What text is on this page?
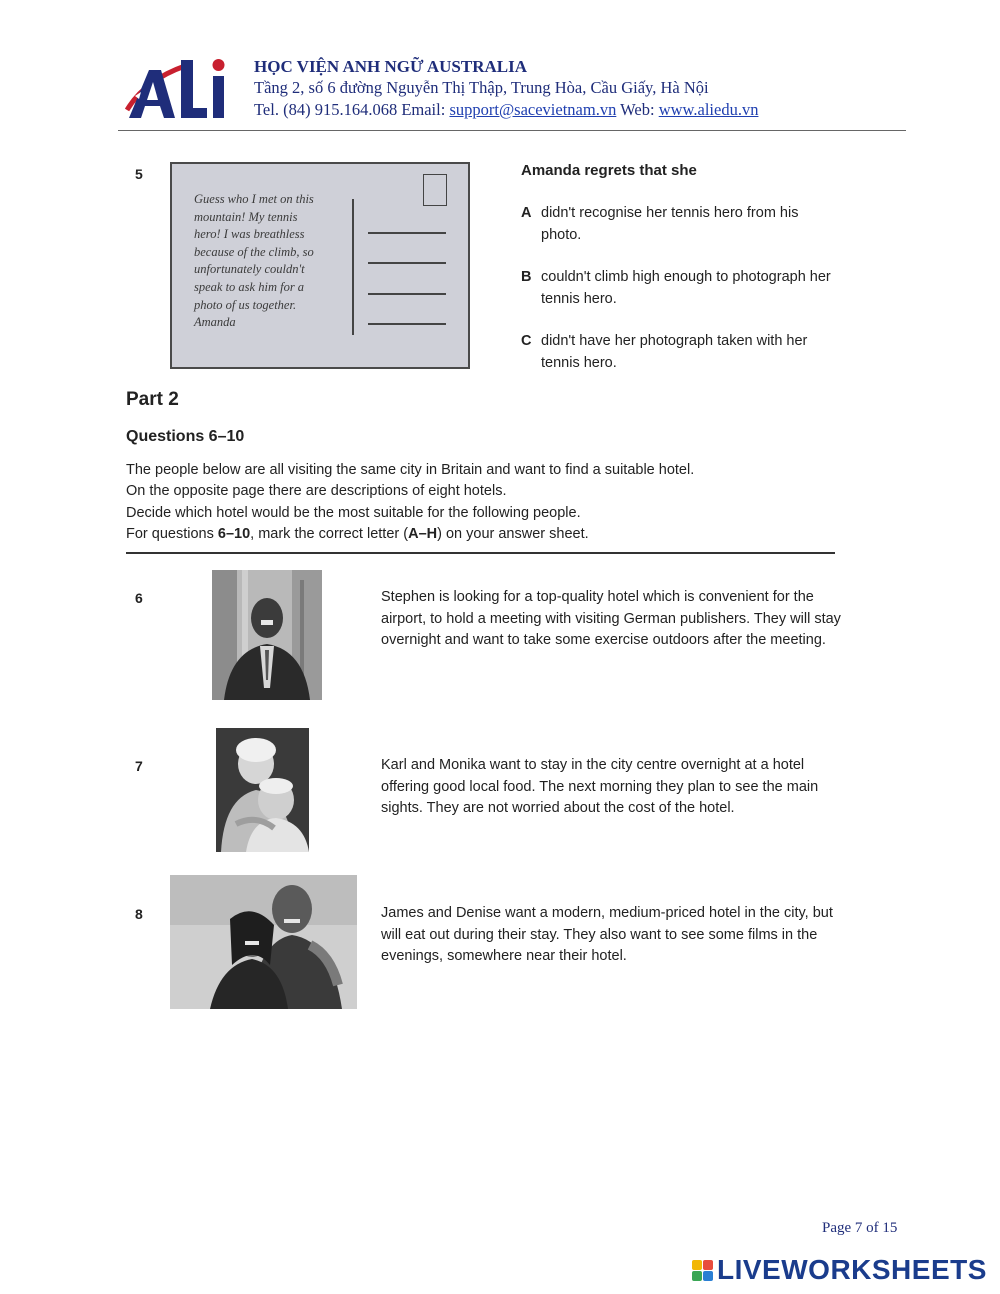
HỌC VIỆN ANH NGỮ AUSTRALIA
Tầng 2, số 6 đường Nguyễn Thị Thập, Trung Hòa, Cầu Giấy, Hà Nội
Tel. (84) 915.164.068 Email: support@sacevietnam.vn Web: www.aliedu.vn
5
Guess who I met on this
mountain! My tennis
hero! I was breathless
because of the climb, so
unfortunately couldn't
speak to ask him for a
photo of us together.
Amanda
Amanda regrets that she
A didn't recognise her tennis hero from his photo.
B couldn't climb high enough to photograph her tennis hero.
C didn't have her photograph taken with her tennis hero.
Part 2
Questions 6–10
The people below are all visiting the same city in Britain and want to find a suitable hotel.
On the opposite page there are descriptions of eight hotels.
Decide which hotel would be the most suitable for the following people.
For questions 6–10, mark the correct letter (A–H) on your answer sheet.
6	Stephen is looking for a top-quality hotel which is convenient for the airport, to hold a meeting with visiting German publishers. They will stay overnight and want to take some exercise outdoors after the meeting.
7	Karl and Monika want to stay in the city centre overnight at a hotel offering good local food. The next morning they plan to see the main sights. They are not worried about the cost of the hotel.
8	James and Denise want a modern, medium-priced hotel in the city, but will eat out during their stay. They also want to see some films in the evenings, somewhere near their hotel.
Page 7 of 15
LIVEWORKSHEETS
